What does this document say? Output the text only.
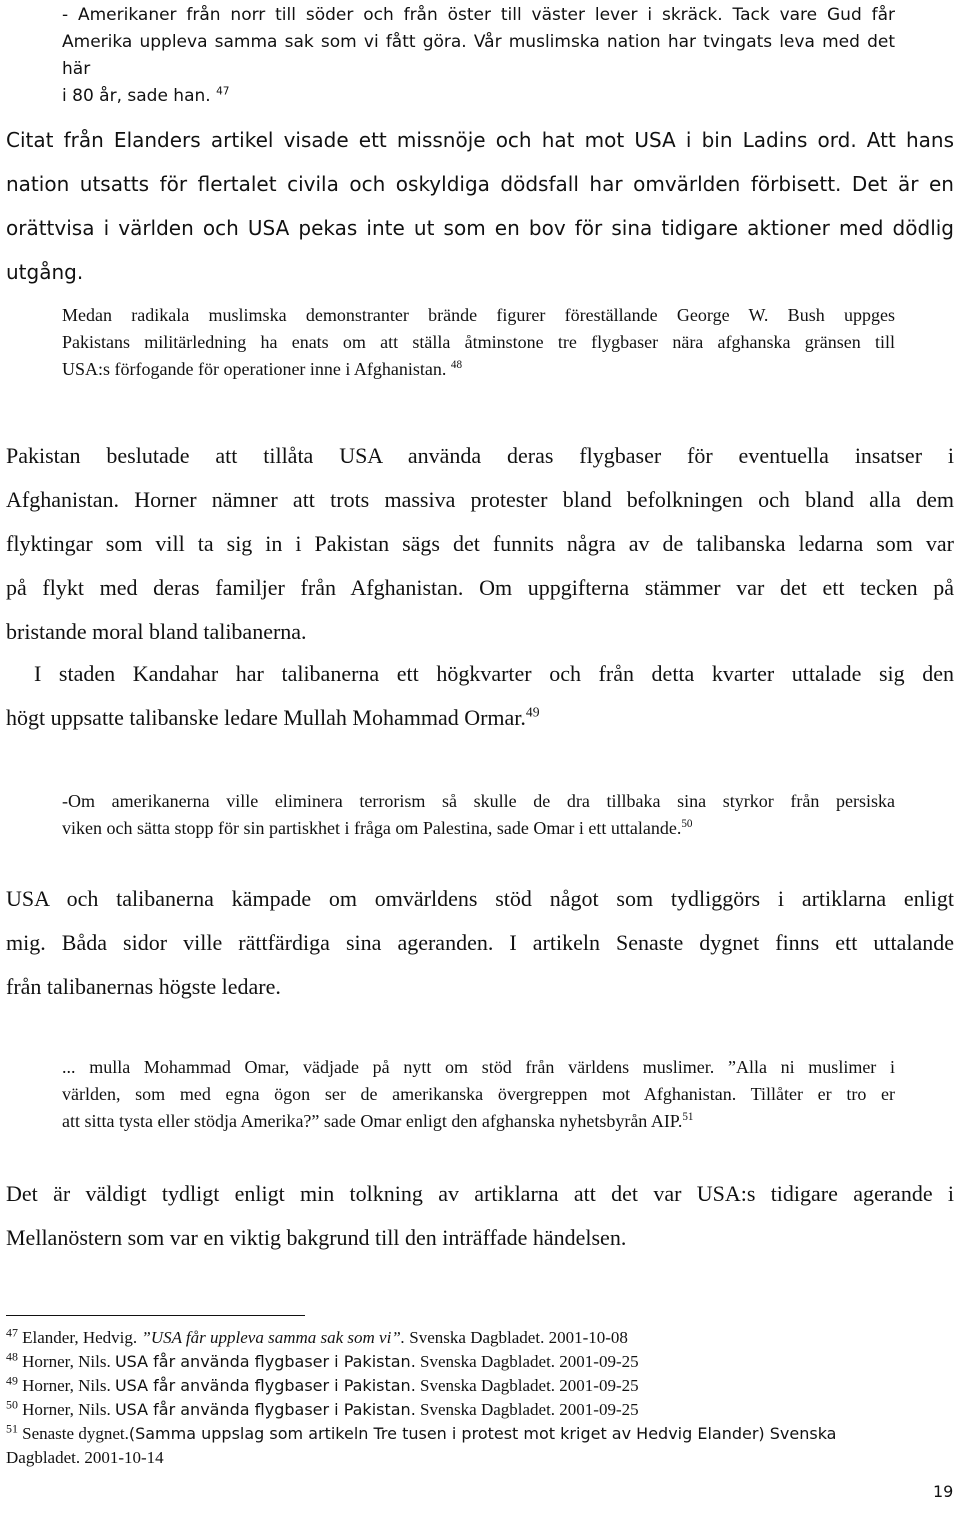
- Amerikaner från norr till söder och från öster till väster lever i skräck. Tack vare Gud får
Amerika uppleva samma sak som vi fått göra. Vår muslimska nation har tvingats leva med det här
i 80 år, sade han. $^{47}$
Citat från Elanders artikel visade ett missnöje och hat mot USA i bin Ladins ord. Att hans
nation utsatts för flertalet civila och oskyldiga dödsfall har omvärlden förbisett. Det är en
orättvisa i världen och USA pekas inte ut som en bov för sina tidigare aktioner med dödlig
utgång.
Medan radikala muslimska demonstranter brände figurer föreställande George W. Bush uppges
Pakistans militärledning ha enats om att ställa åtminstone tre flygbaser nära afghanska gränsen till
USA:s förfogande för operationer inne i Afghanistan. $^{48}$
Pakistan beslutade att tillåta USA använda deras flygbaser för eventuella insatser i
Afghanistan. Horner nämner att trots massiva protester bland befolkningen och bland alla dem
flyktingar som vill ta sig in i Pakistan sägs det funnits några av de talibanska ledarna som var
på flykt med deras familjer från Afghanistan. Om uppgifterna stämmer var det ett tecken på
bristande moral bland talibanerna.
I staden Kandahar har talibanerna ett högkvarter och från detta kvarter uttalade sig den
högt uppsatte talibanske ledare Mullah Mohammad Ormar.$^{49}$
-Om amerikanerna ville eliminera terrorism så skulle de dra tillbaka sina styrkor från persiska
viken och sätta stopp för sin partiskhet i fråga om Palestina, sade Omar i ett uttalande.$^{50}$
USA och talibanerna kämpade om omvärldens stöd något som tydliggörs i artiklarna enligt
mig. Båda sidor ville rättfärdiga sina ageranden. I artikeln Senaste dygnet finns ett uttalande
från talibanernas högste ledare.
... mulla Mohammad Omar, vädjade på nytt om stöd från världens muslimer. ”Alla ni muslimer i
världen, som med egna ögon ser de amerikanska övergreppen mot Afghanistan. Tillåter er tro er
att sitta tysta eller stödja Amerika?” sade Omar enligt den afghanska nyhetsbyrån AIP.$^{51}$
Det är väldigt tydligt enligt min tolkning av artiklarna att det var USA:s tidigare agerande i
Mellanöstern som var en viktig bakgrund till den inträffade händelsen.
$^{47}$ Elander, Hedvig. ”USA får uppleva samma sak som vi”. Svenska Dagbladet. 2001-10-08
$^{48}$ Horner, Nils. USA får använda flygbaser i Pakistan. Svenska Dagbladet. 2001-09-25
$^{49}$ Horner, Nils. USA får använda flygbaser i Pakistan. Svenska Dagbladet. 2001-09-25
$^{50}$ Horner, Nils. USA får använda flygbaser i Pakistan. Svenska Dagbladet. 2001-09-25
$^{51}$ Senaste dygnet.(Samma uppslag som artikeln Tre tusen i protest mot kriget av Hedvig Elander) Svenska
Dagbladet. 2001-10-14
19
